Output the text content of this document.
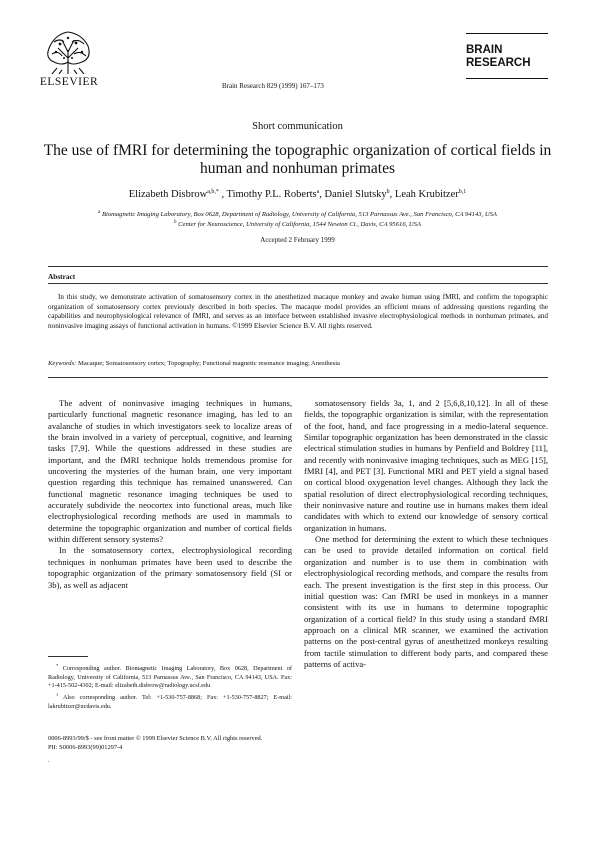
ELSEVIER	Brain Research 829 (1999) 167–173
BRAIN
RESEARCH
Short communication
The use of fMRI for determining the topographic organization of cortical fields in human and nonhuman primates
Elizabeth Disbrow$^{a,b,*}$ , Timothy P.L. Roberts$^a$, Daniel Slutsky$^b$, Leah Krubitzer$^{b,1}$
$^a$ Biomagnetic Imaging Laboratory, Box 0628, Department of Radiology, University of California, 513 Parnassus Ave., San Francisco, CA 94143, USA
$^b$ Center for Neuroscience, University of California, 1544 Newton Ct., Davis, CA 95616, USA
Accepted 2 February 1999
Abstract

In this study, we demonstrate activation of somatosensory cortex in the anesthetized macaque monkey and awake human using fMRI, and confirm the topographic organization of somatosensory cortex previously described in both species. The macaque model provides an efficient means of addressing questions regarding the capabilities and neurophysiological relevance of fMRI, and serves as an interface between established invasive electrophysiological methods in nonhuman primates, and noninvasive imaging assays of functional activation in humans. ©1999 Elsevier Science B.V. All rights reserved.

Keywords: Macaque; Somatosensory cortex; Topography; Functional magnetic resonance imaging; Anesthesia

The advent of noninvasive imaging techniques in humans, particularly functional magnetic resonance imaging, has led to an avalanche of studies in which investigators seek to localize areas of the brain involved in a variety of perceptual, cognitive, and learning tasks [7,9]. While the questions addressed in these studies are important, and the fMRI technique holds tremendous promise for uncovering the mysteries of the human brain, one very important question regarding this technique has remained unanswered. Can functional magnetic resonance imaging techniques be used to accurately subdivide the neocortex into functional areas, much like electrophysiological recording methods are used in mammals to determine the topographic organization and number of cortical fields within different sensory systems?

In the somatosensory cortex, electrophysiological recording techniques in nonhuman primates have been used to describe the topographic organization of the primary somatosensory field (SI or 3b), as well as adjacent

somatosensory fields 3a, 1, and 2 [5,6,8,10,12]. In all of these fields, the topographic organization is similar, with the representation of the foot, hand, and face progressing in a medio-lateral sequence. Similar topographic organization has been demonstrated in the classic electrical stimulation studies in humans by Penfield and Boldrey [11], and recently with noninvasive imaging techniques, such as MEG [15], fMRI [4], and PET [3]. Functional MRI and PET yield a signal based on cortical blood oxygenation level changes. Although they lack the spatial resolution of direct electrophysiological recording techniques, their noninvasive nature and routine use in humans makes them ideal candidates with which to extend our knowledge of sensory cortical organization in humans.

One method for determining the extent to which these techniques can be used to provide detailed information on cortical field organization and number is to use them in combination with electrophysiological recording methods, and compare the results from each. The present investigation is the first step in this process. Our initial question was: Can fMRI be used in monkeys in a manner consistent with its use in humans to determine topographic organization of a cortical field? In this study using a standard fMRI approach on a clinical MR scanner, we examined the activation patterns on the post-central gyrus of anesthetized monkeys resulting from tactile stimulation to different body parts, and compared these patterns of activa-

* Corresponding author. Biomagnetic Imaging Laboratory, Box 0628, Department of Radiology, University of California, 513 Parnassus Ave., San Francisco, CA 94143, USA. Fax: +1-415-502-4302; E-mail: elizabeth.disbrow@radiology.ucsf.edu

$^1$ Also corresponding author. Tel: +1-530-757-8868; Fax: +1-530-757-8827; E-mail: lakrubitzer@ucdavis.edu.

0006-8993/99/$ - see front matter © 1999 Elsevier Science B.V. All rights reserved.
PII: S0006-8993(99)01297-4
.
